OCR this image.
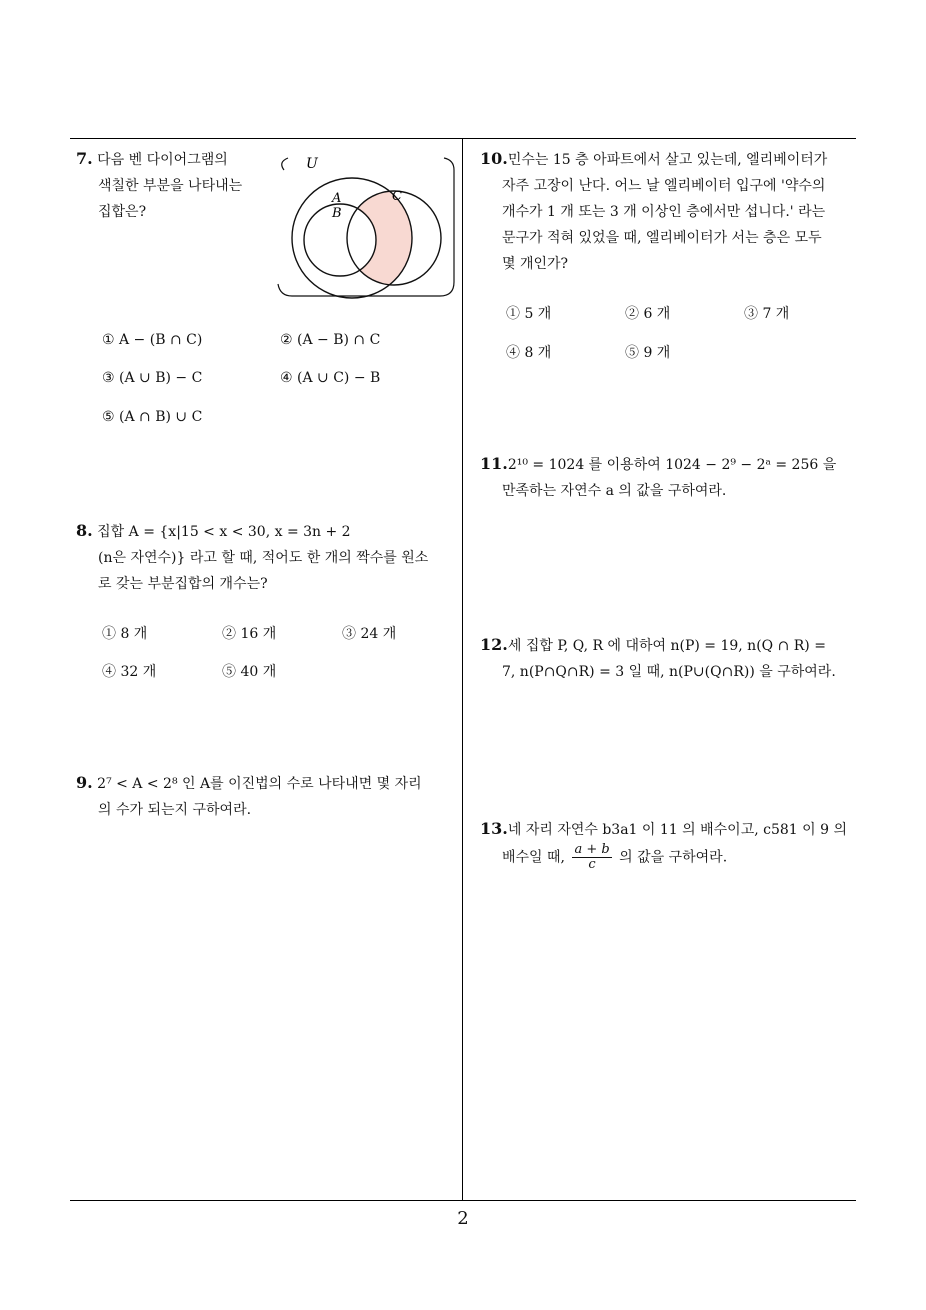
7. 다음 벤 다이어그램의
색칠한 부분을 나타내는
집합은?
U
A
B
C
① A − (B ∩ C)	② (A − B) ∩ C
③ (A ∪ B) − C	④ (A ∪ C) − B
⑤ (A ∩ B) ∪ C
8. 집합 A = {x|15 < x < 30, x = 3n + 2
(n은 자연수)} 라고 할 때, 적어도 한 개의 짝수를 원소
로 갖는 부분집합의 개수는?
① 8 개	② 16 개	③ 24 개
④ 32 개	⑤ 40 개
9. 2⁷ < A < 2⁸ 인 A를 이진법의 수로 나타내면 몇 자리
의 수가 되는지 구하여라.
10.민수는 15 층 아파트에서 살고 있는데, 엘리베이터가
자주 고장이 난다. 어느 날 엘리베이터 입구에 '약수의
개수가 1 개 또는 3 개 이상인 층에서만 섭니다.' 라는
문구가 적혀 있었을 때, 엘리베이터가 서는 층은 모두
몇 개인가?
① 5 개	② 6 개	③ 7 개
④ 8 개	⑤ 9 개
11.2¹⁰ = 1024 를 이용하여 1024 − 2⁹ − 2ᵃ = 256 을
만족하는 자연수 a 의 값을 구하여라.
12.세 집합 P, Q, R 에 대하여 n(P) = 19, n(Q ∩ R) =
7, n(P∩Q∩R) = 3 일 때, n(P∪(Q∩R)) 을 구하여라.
13.네 자리 자연수 b3a1 이 11 의 배수이고, c581 이 9 의
배수일 때, $\frac{a + b}{c}$ 의 값을 구하여라.
2
